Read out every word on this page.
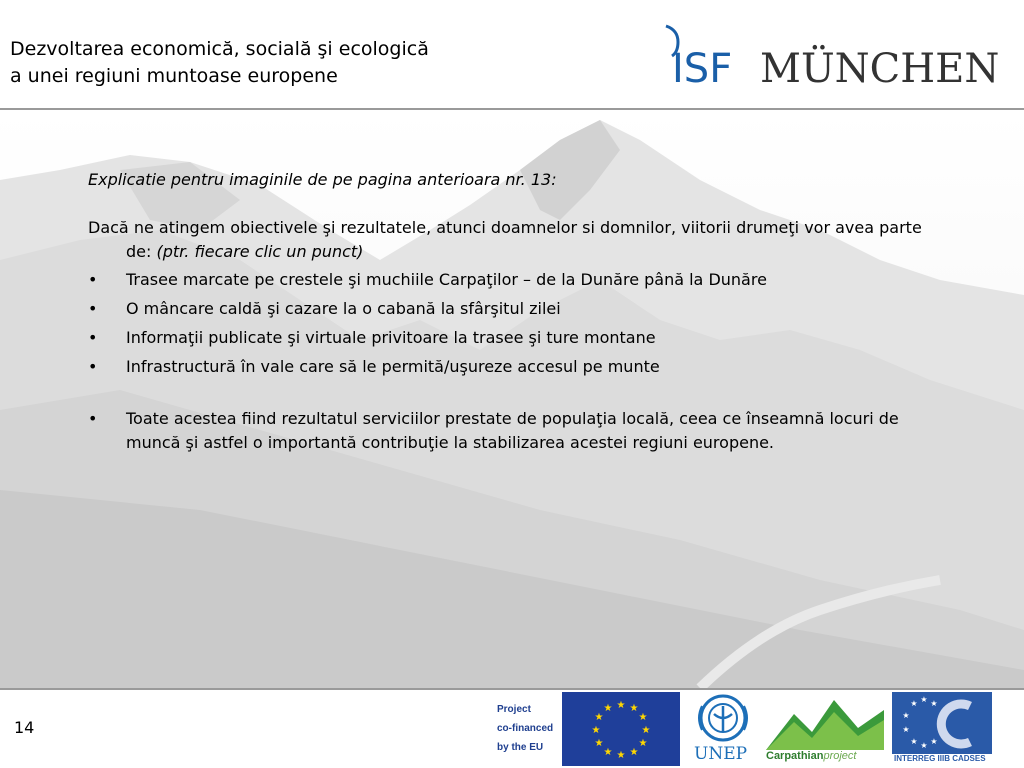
Dezvoltarea economică, socială şi ecologică
a unei regiuni muntoase europene	ISF MÜNCHEN
Explicatie pentru imaginile de pe pagina anterioara nr. 13:
Dacă ne atingem obiectivele şi rezultatele, atunci doamnelor si domnilor, viitorii drumeţi vor avea parte de: (ptr. fiecare clic un punct)
•	Trasee marcate pe crestele şi muchiile Carpaţilor – de la Dunăre până la Dunăre
•	O mâncare caldă şi cazare la o cabană la sfârşitul zilei
•	Informaţii publicate şi virtuale privitoare la trasee şi ture montane
•	Infrastructură în vale care să le permită/uşureze accesul pe munte
•	Toate acestea fiind rezultatul serviciilor prestate de populaţia locală, ceea ce înseamnă locuri de muncă şi astfel o importantă contribuţie la stabilizarea acestei regiuni europene.
14
Project
co-financed
by the EU
★ ★
★
★
★
★
★
★
★
★
★
★
UNEP Carpathianproject
★ ★ ★
★
★
★ ★ ★
INTERREG IIIB CADSES
